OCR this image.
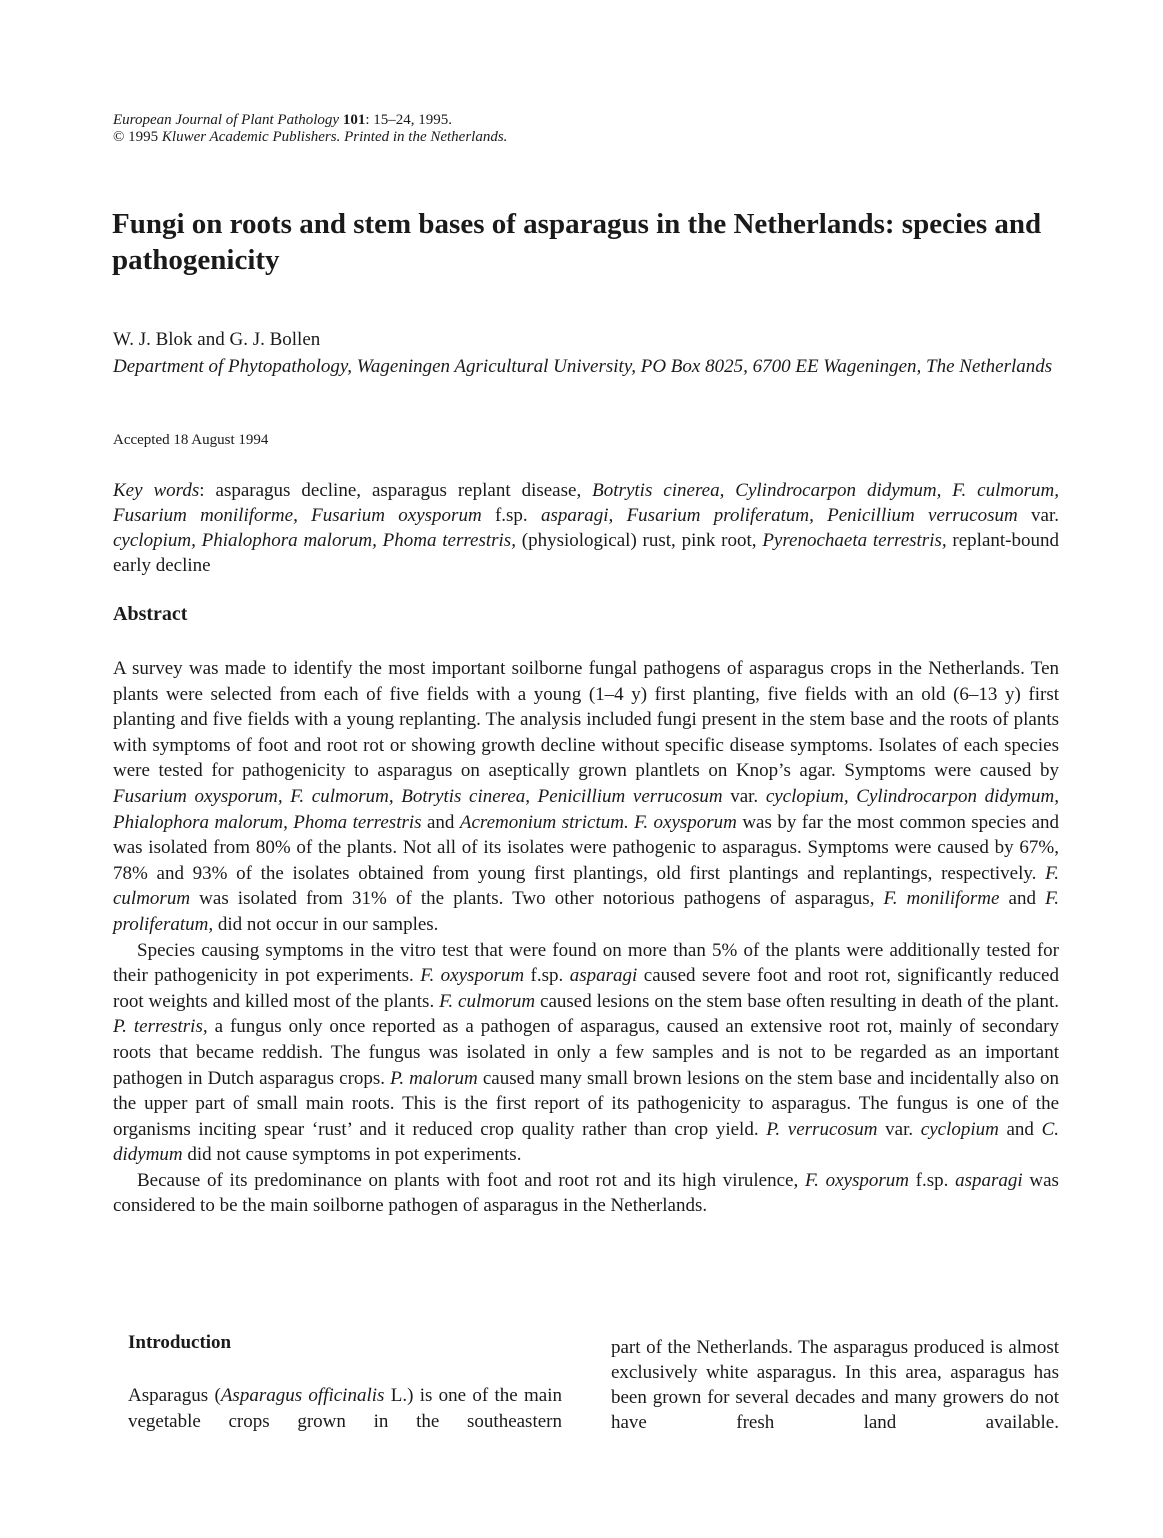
European Journal of Plant Pathology 101: 15–24, 1995.
© 1995 Kluwer Academic Publishers. Printed in the Netherlands.
Fungi on roots and stem bases of asparagus in the Netherlands: species and pathogenicity
W. J. Blok and G. J. Bollen
Department of Phytopathology, Wageningen Agricultural University, PO Box 8025, 6700 EE Wageningen, The Netherlands
Accepted 18 August 1994
Key words: asparagus decline, asparagus replant disease, Botrytis cinerea, Cylindrocarpon didymum, F. culmorum, Fusarium moniliforme, Fusarium oxysporum f.sp. asparagi, Fusarium proliferatum, Penicillium verrucosum var. cyclopium, Phialophora malorum, Phoma terrestris, (physiological) rust, pink root, Pyrenochaeta terrestris, replant-bound early decline
Abstract

A survey was made to identify the most important soilborne fungal pathogens of asparagus crops in the Netherlands. Ten plants were selected from each of five fields with a young (1–4 y) first planting, five fields with an old (6–13 y) first planting and five fields with a young replanting. The analysis included fungi present in the stem base and the roots of plants with symptoms of foot and root rot or showing growth decline without specific disease symptoms. Isolates of each species were tested for pathogenicity to asparagus on aseptically grown plantlets on Knop’s agar. Symptoms were caused by Fusarium oxysporum, F. culmorum, Botrytis cinerea, Penicillium verrucosum var. cyclopium, Cylindrocarpon didymum, Phialophora malorum, Phoma terrestris and Acremonium strictum. F. oxysporum was by far the most common species and was isolated from 80% of the plants. Not all of its isolates were pathogenic to asparagus. Symptoms were caused by 67%, 78% and 93% of the isolates obtained from young first plantings, old first plantings and replantings, respectively. F. culmorum was isolated from 31% of the plants. Two other notorious pathogens of asparagus, F. moniliforme and F. proliferatum, did not occur in our samples.

Species causing symptoms in the vitro test that were found on more than 5% of the plants were additionally tested for their pathogenicity in pot experiments. F. oxysporum f.sp. asparagi caused severe foot and root rot, significantly reduced root weights and killed most of the plants. F. culmorum caused lesions on the stem base often resulting in death of the plant. P. terrestris, a fungus only once reported as a pathogen of asparagus, caused an extensive root rot, mainly of secondary roots that became reddish. The fungus was isolated in only a few samples and is not to be regarded as an important pathogen in Dutch asparagus crops. P. malorum caused many small brown lesions on the stem base and incidentally also on the upper part of small main roots. This is the first report of its pathogenicity to asparagus. The fungus is one of the organisms inciting spear ‘rust’ and it reduced crop quality rather than crop yield. P. verrucosum var. cyclopium and C. didymum did not cause symptoms in pot experiments.

Because of its predominance on plants with foot and root rot and its high virulence, F. oxysporum f.sp. asparagi was considered to be the main soilborne pathogen of asparagus in the Netherlands.

Introduction
Asparagus (Asparagus officinalis L.) is one of the main vegetable crops grown in the southeastern

part of the Netherlands. The asparagus produced is almost exclusively white asparagus. In this area, asparagus has been grown for several decades and many growers do not have fresh land available.
